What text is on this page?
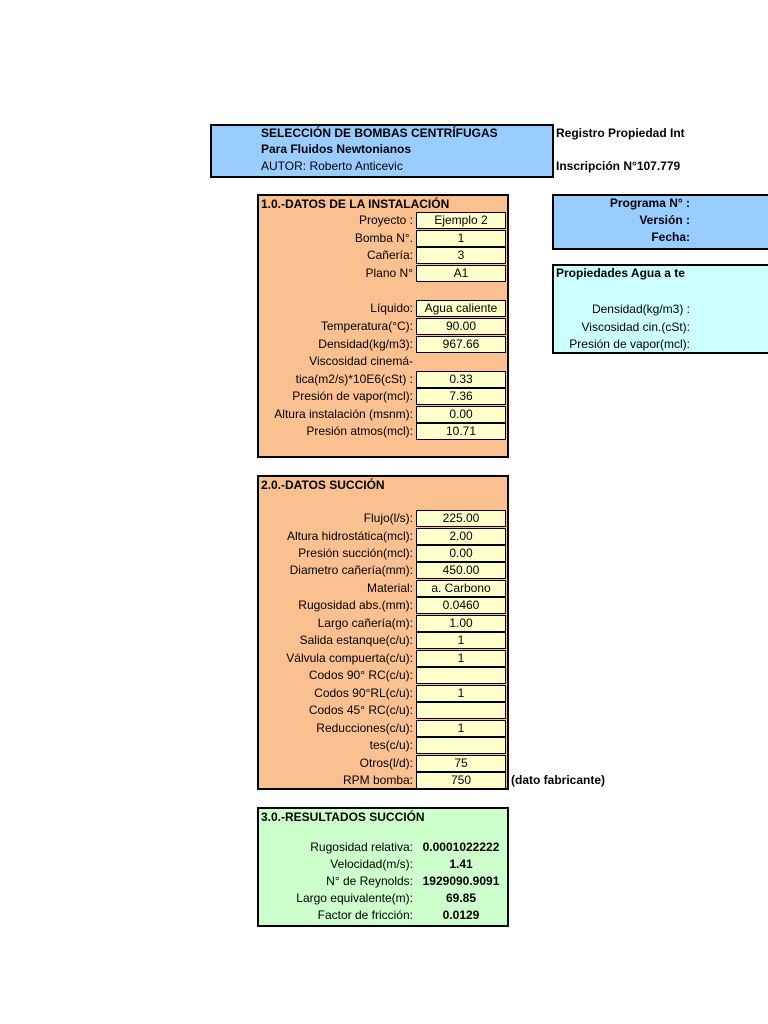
SELECCIÓN DE BOMBAS CENTRÍFUGAS
Para Fluidos Newtonianos
AUTOR: Roberto Anticevic
Registro Propiedad Int
Inscripción N°107.779
Programa N° :
Versión :
Fecha:
Propiedades Agua a te
Densidad(kg/m3) :
Viscosidad cin.(cSt):
Presión de vapor(mcl):
1.0.-DATOS DE LA INSTALACIÓN
2.0.-DATOS SUCCIÓN
(dato fabricante)
3.0.-RESULTADOS SUCCIÓN
Proyecto :	Ejemplo 2
Bomba N°.	1
Cañería:	3
Plano N°	A1
Líquido: Agua caliente
Temperatura(°C):	90.00
Densidad(kg/m3):	967.66
Viscosidad cinemá-
tica(m2/s)*10E6(cSt) :	0.33
Presión de vapor(mcl):	7.36
Altura instalación (msnm):	0.00
Presión atmos(mcl):	10.71
Flujo(l/s):	225.00
Altura hidrostática(mcl):	2.00
Presión succión(mcl):	0.00
Diametro cañería(mm):	450.00
Material:	a. Carbono
Rugosidad abs.(mm):	0.0460
Largo cañería(m):	1.00
Salida estanque(c/u):	1
Válvula compuerta(c/u):	1
Codos 90° RC(c/u):
Codos 90°RL(c/u):	1
Codos 45° RC(c/u):
Reducciones(c/u):	1
tes(c/u):
Otros(l/d):	75
RPM bomba:	750
Rugosidad relativa: 0.0001022222
Velocidad(m/s):	1.41
N° de Reynolds: 1929090.9091
Largo equivalente(m):	69.85
Factor de fricción:	0.0129
